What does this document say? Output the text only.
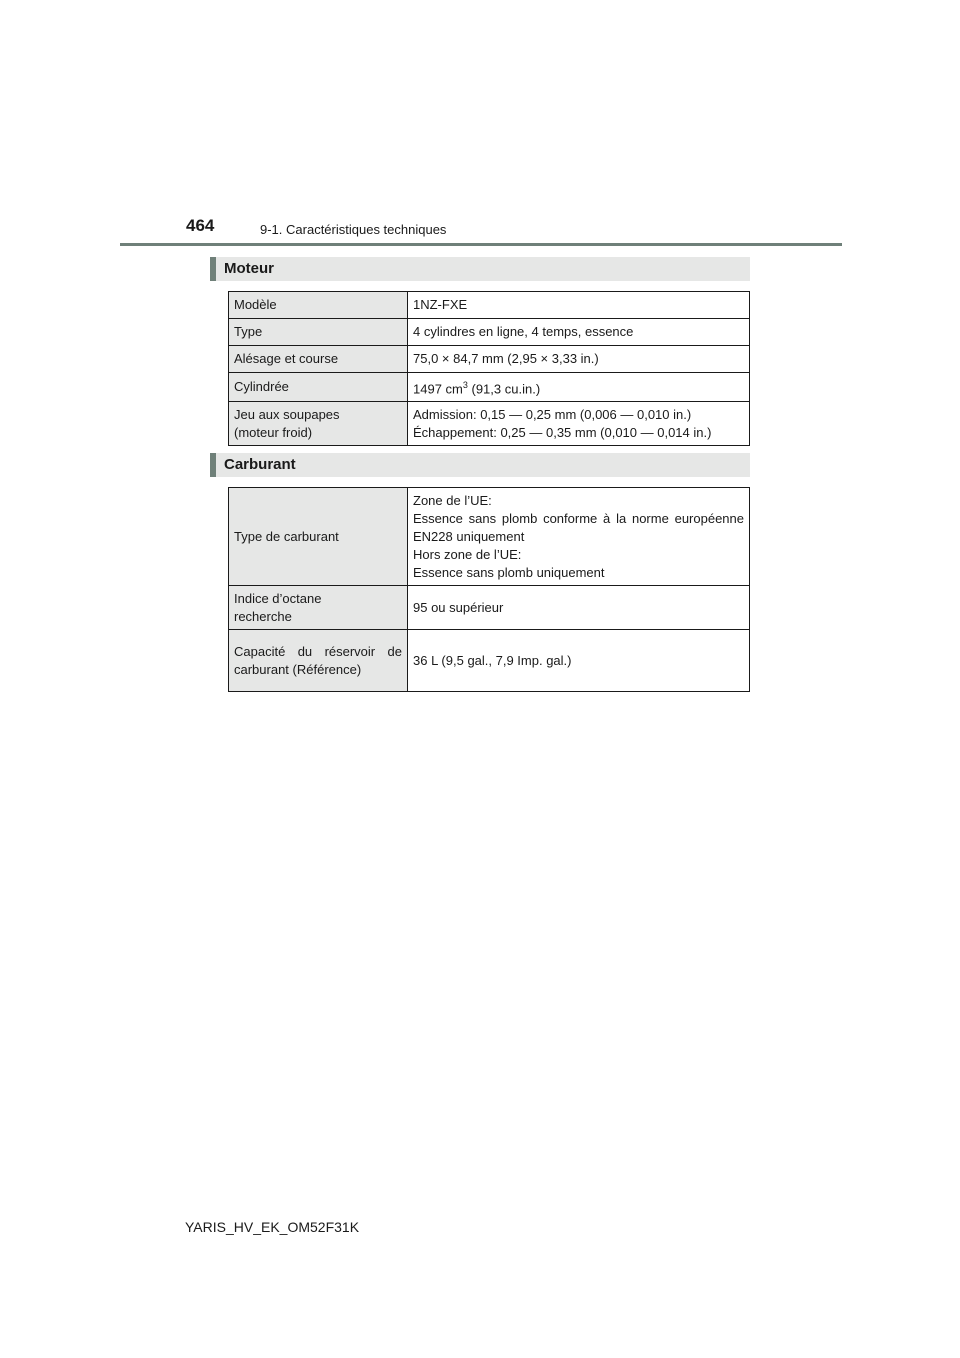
464	9-1. Caractéristiques techniques
Moteur
Modèle	1NZ-FXE
Type	4 cylindres en ligne, 4 temps, essence
Alésage et course	75,0 × 84,7 mm (2,95 × 3,33 in.)
Cylindrée	1497 $cm^3$ (91,3 cu.in.)

Jeu aux soupapes
(moteur froid)	Admission: 0,15 — 0,25 mm (0,006 — 0,010 in.)
Échappement: 0,25 — 0,35 mm (0,010 — 0,014 in.)
Carburant
Type de carburant	Zone de l’UE:
Essence sans plomb conforme à la norme européenne EN228 uniquement
Hors zone de l’UE:
Essence sans plomb uniquement

Indice d’octane
recherche	95 ou supérieur
Capacité du réservoir de carburant (Référence)	36 L (9,5 gal., 7,9 Imp. gal.)
YARIS_HV_EK_OM52F31K
